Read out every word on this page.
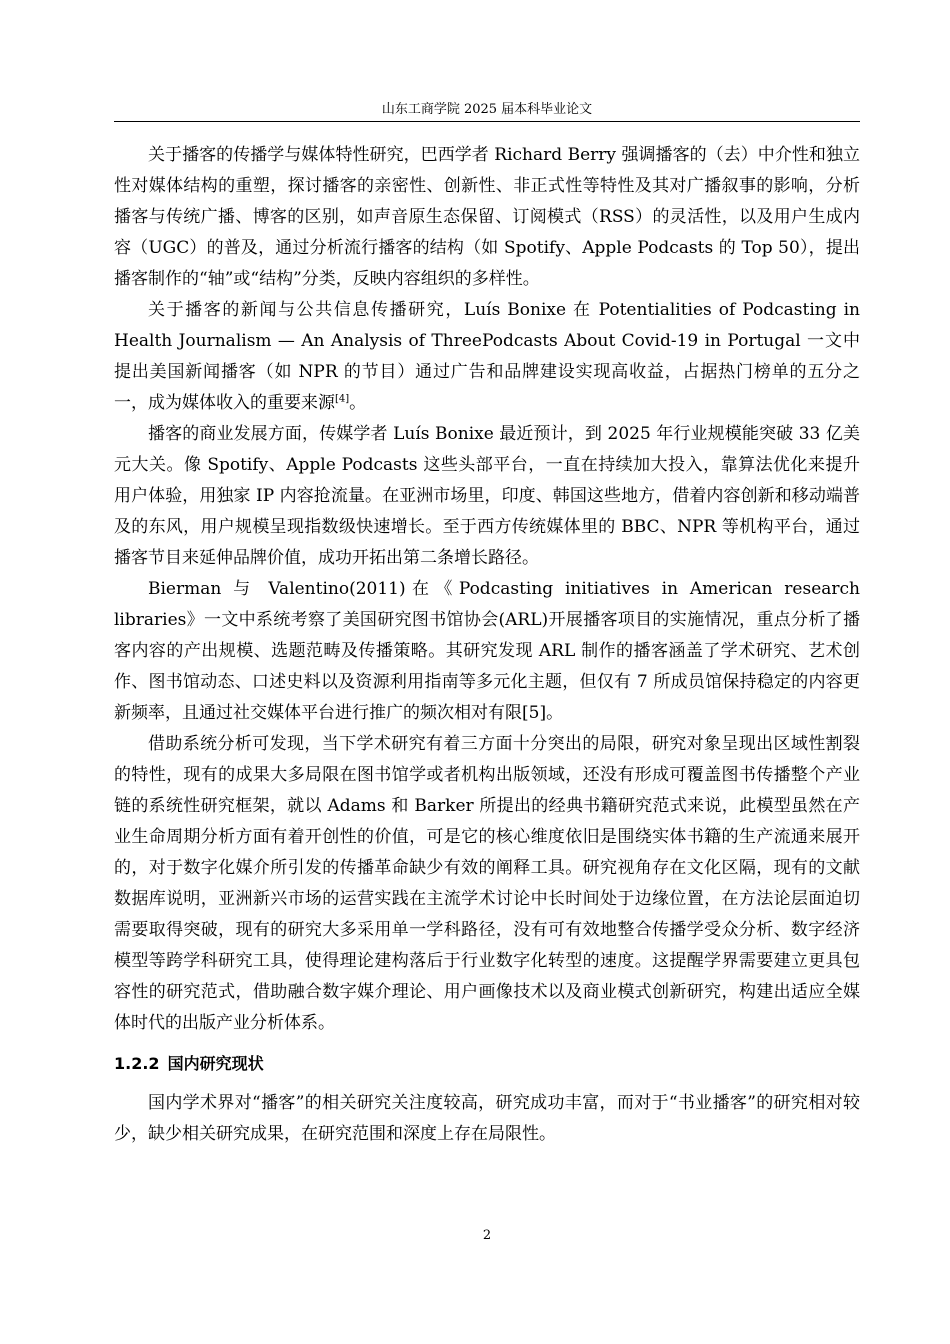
山东工商学院 2025 届本科毕业论文

关于播客的传播学与媒体特性研究，巴西学者 Richard Berry 强调播客的（去）中介性和独立性对媒体结构的重塑，探讨播客的亲密性、创新性、非正式性等特性及其对广播叙事的影响，分析播客与传统广播、博客的区别，如声音原生态保留、订阅模式（RSS）的灵活性，以及用户生成内容（UGC）的普及，通过分析流行播客的结构（如 Spotify、Apple Podcasts 的 Top 50），提出播客制作的“轴”或“结构”分类，反映内容组织的多样性。

关于播客的新闻与公共信息传播研究，Luís Bonixe 在 Potentialities of Podcasting in Health Journalism — An Analysis of ThreePodcasts About Covid-19 in Portugal 一文中提出美国新闻播客（如 NPR 的节目）通过广告和品牌建设实现高收益，占据热门榜单的五分之一，成为媒体收入的重要来源[4]。

播客的商业发展方面，传媒学者 Luís Bonixe 最近预计，到 2025 年行业规模能突破 33 亿美元大关。像 Spotify、Apple Podcasts 这些头部平台，一直在持续加大投入，靠算法优化来提升用户体验，用独家 IP 内容抢流量。在亚洲市场里，印度、韩国这些地方，借着内容创新和移动端普及的东风，用户规模呈现指数级快速增长。至于西方传统媒体里的 BBC、NPR 等机构平台，通过播客节目来延伸品牌价值，成功开拓出第二条增长路径。

Bierman 与 Valentino(2011)在《Podcasting initiatives in American research libraries》一文中系统考察了美国研究图书馆协会(ARL)开展播客项目的实施情况，重点分析了播客内容的产出规模、选题范畴及传播策略。其研究发现 ARL 制作的播客涵盖了学术研究、艺术创作、图书馆动态、口述史料以及资源利用指南等多元化主题，但仅有 7 所成员馆保持稳定的内容更新频率，且通过社交媒体平台进行推广的频次相对有限[5]。

借助系统分析可发现，当下学术研究有着三方面十分突出的局限，研究对象呈现出区域性割裂的特性，现有的成果大多局限在图书馆学或者机构出版领域，还没有形成可覆盖图书传播整个产业链的系统性研究框架，就以 Adams 和 Barker 所提出的经典书籍研究范式来说，此模型虽然在产业生命周期分析方面有着开创性的价值，可是它的核心维度依旧是围绕实体书籍的生产流通来展开的，对于数字化媒介所引发的传播革命缺少有效的阐释工具。研究视角存在文化区隔，现有的文献数据库说明，亚洲新兴市场的运营实践在主流学术讨论中长时间处于边缘位置，在方法论层面迫切需要取得突破，现有的研究大多采用单一学科路径，没有可有效地整合传播学受众分析、数字经济模型等跨学科研究工具，使得理论建构落后于行业数字化转型的速度。这提醒学界需要建立更具包容性的研究范式，借助融合数字媒介理论、用户画像技术以及商业模式创新研究，构建出适应全媒体时代的出版产业分析体系。

1.2.2 国内研究现状

国内学术界对“播客”的相关研究关注度较高，研究成功丰富，而对于“书业播客”的研究相对较少，缺少相关研究成果，在研究范围和深度上存在局限性。

2
